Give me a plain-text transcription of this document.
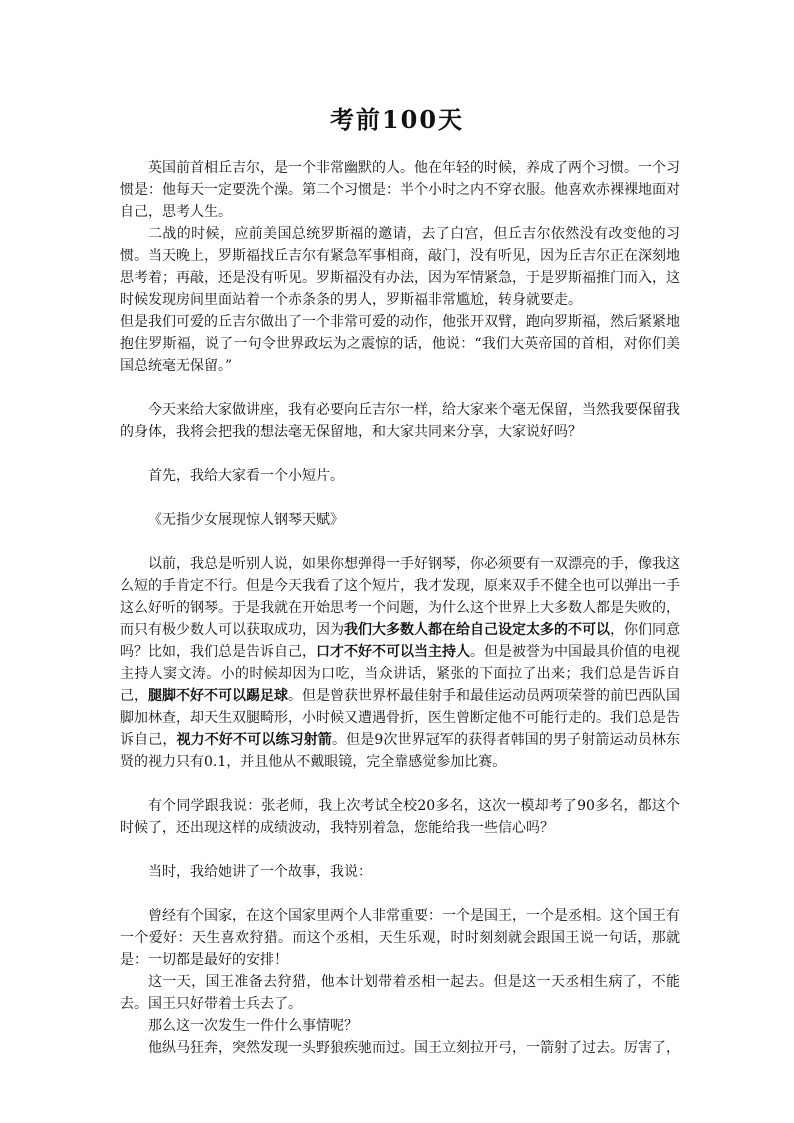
考前100天

英国前首相丘吉尔，是一个非常幽默的人。他在年轻的时候，养成了两个习惯。一个习惯是：他每天一定要洗个澡。第二个习惯是：半个小时之内不穿衣服。他喜欢赤裸裸地面对自己，思考人生。

二战的时候，应前美国总统罗斯福的邀请，去了白宫，但丘吉尔依然没有改变他的习惯。当天晚上，罗斯福找丘吉尔有紧急军事相商，敲门，没有听见，因为丘吉尔正在深刻地思考着；再敲，还是没有听见。罗斯福没有办法，因为军情紧急，于是罗斯福推门而入，这时候发现房间里面站着一个赤条条的男人，罗斯福非常尴尬，转身就要走。

但是我们可爱的丘吉尔做出了一个非常可爱的动作，他张开双臂，跑向罗斯福，然后紧紧地抱住罗斯福，说了一句令世界政坛为之震惊的话，他说：“我们大英帝国的首相，对你们美国总统毫无保留。”

今天来给大家做讲座，我有必要向丘吉尔一样，给大家来个毫无保留，当然我要保留我的身体，我将会把我的想法毫无保留地，和大家共同来分享，大家说好吗？

首先，我给大家看一个小短片。

《无指少女展现惊人钢琴天赋》

以前，我总是听别人说，如果你想弹得一手好钢琴，你必须要有一双漂亮的手，像我这么短的手肯定不行。但是今天我看了这个短片，我才发现，原来双手不健全也可以弹出一手这么好听的钢琴。于是我就在开始思考一个问题，为什么这个世界上大多数人都是失败的，而只有极少数人可以获取成功，因为我们大多数人都在给自己设定太多的不可以，你们同意吗？比如，我们总是告诉自己，口才不好不可以当主持人。但是被誉为中国最具价值的电视主持人窦文涛。小的时候却因为口吃，当众讲话，紧张的下面拉了出来；我们总是告诉自己，腿脚不好不可以踢足球。但是曾获世界杯最佳射手和最佳运动员两项荣誉的前巴西队国脚加林查，却天生双腿畸形，小时候又遭遇骨折，医生曾断定他不可能行走的。我们总是告诉自己，视力不好不可以练习射箭。但是9次世界冠军的获得者韩国的男子射箭运动员林东贤的视力只有0.1，并且他从不戴眼镜，完全靠感觉参加比赛。

有个同学跟我说：张老师，我上次考试全校20多名，这次一模却考了90多名，都这个时候了，还出现这样的成绩波动，我特别着急，您能给我一些信心吗？

当时，我给她讲了一个故事，我说：

曾经有个国家，在这个国家里两个人非常重要：一个是国王，一个是丞相。这个国王有一个爱好：天生喜欢狩猎。而这个丞相，天生乐观，时时刻刻就会跟国王说一句话，那就是：一切都是最好的安排！

这一天，国王准备去狩猎，他本计划带着丞相一起去。但是这一天丞相生病了，不能去。国王只好带着士兵去了。

那么这一次发生一件什么事情呢？

他纵马狂奔，突然发现一头野狼疾驰而过。国王立刻拉开弓，一箭射了过去。厉害了，
